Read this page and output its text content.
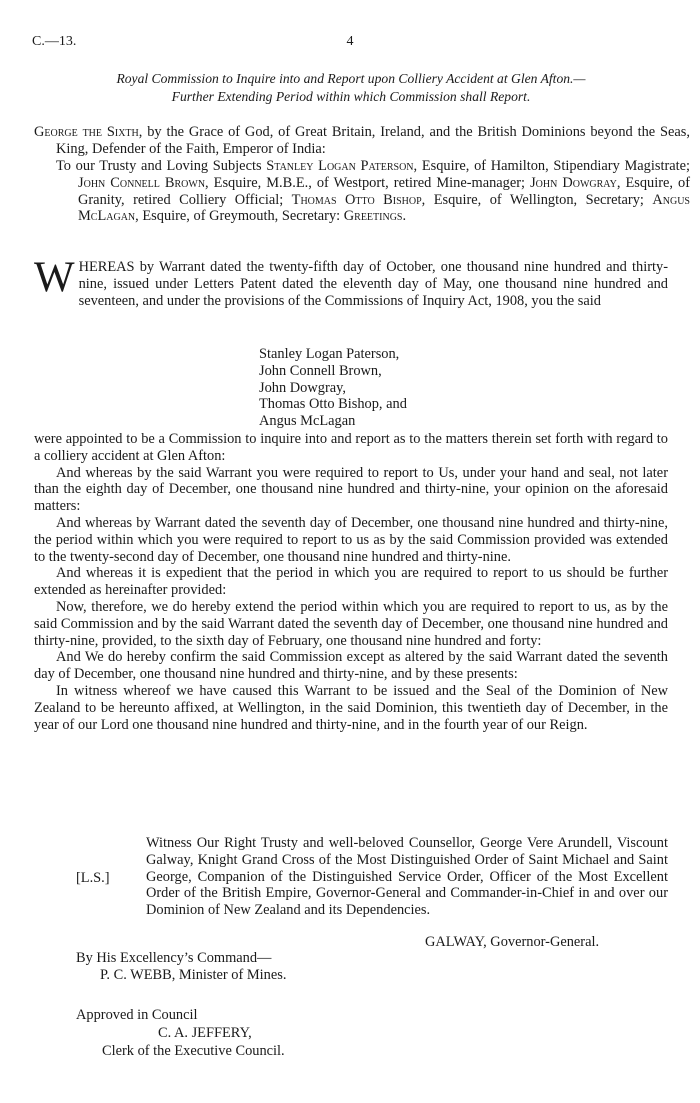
C.—13.	4
Royal Commission to Inquire into and Report upon Colliery Accident at Glen Afton.—
Further Extending Period within which Commission shall Report.
George the Sixth, by the Grace of God, of Great Britain, Ireland, and the British Dominions beyond the Seas, King, Defender of the Faith, Emperor of India:
To our Trusty and Loving Subjects Stanley Logan Paterson, Esquire, of Hamilton, Stipendiary Magistrate; John Connell Brown, Esquire, M.B.E., of Westport, retired Mine-manager; John Dowgray, Esquire, of Granity, retired Colliery Official; Thomas Otto Bishop, Esquire, of Wellington, Secretary; Angus McLagan, Esquire, of Greymouth, Secretary: Greetings.
WHEREAS by Warrant dated the twenty-fifth day of October, one thousand nine hundred and thirty-nine, issued under Letters Patent dated the eleventh day of May, one thousand nine hundred and seventeen, and under the provisions of the Commissions of Inquiry Act, 1908, you the said
Stanley Logan Paterson,
John Connell Brown,
John Dowgray,
Thomas Otto Bishop, and
Angus McLagan

were appointed to be a Commission to inquire into and report as to the matters therein set forth with regard to a colliery accident at Glen Afton:

And whereas by the said Warrant you were required to report to Us, under your hand and seal, not later than the eighth day of December, one thousand nine hundred and thirty-nine, your opinion on the aforesaid matters:

And whereas by Warrant dated the seventh day of December, one thousand nine hundred and thirty-nine, the period within which you were required to report to us as by the said Commission provided was extended to the twenty-second day of December, one thousand nine hundred and thirty-nine.

And whereas it is expedient that the period in which you are required to report to us should be further extended as hereinafter provided:

Now, therefore, we do hereby extend the period within which you are required to report to us, as by the said Commission and by the said Warrant dated the seventh day of December, one thousand nine hundred and thirty-nine, provided, to the sixth day of February, one thousand nine hundred and forty:

And We do hereby confirm the said Commission except as altered by the said Warrant dated the seventh day of December, one thousand nine hundred and thirty-nine, and by these presents:

In witness whereof we have caused this Warrant to be issued and the Seal of the Dominion of New Zealand to be hereunto affixed, at Wellington, in the said Dominion, this twentieth day of December, in the year of our Lord one thousand nine hundred and thirty-nine, and in the fourth year of our Reign.

Witness Our Right Trusty and well-beloved Counsellor, George Vere Arundell, Viscount Galway, Knight Grand Cross of the Most Distinguished Order of Saint Michael and Saint George, Companion of the Distinguished Service Order, Officer of the Most Excellent Order of the British Empire, Governor-General and Commander-in-Chief in and over our Dominion of New Zealand and its Dependencies.
[L.S.]
GALWAY, Governor-General.
By His Excellency’s Command—
P. C. WEBB, Minister of Mines.
Approved in Council
C. A. JEFFERY,
Clerk of the Executive Council.
